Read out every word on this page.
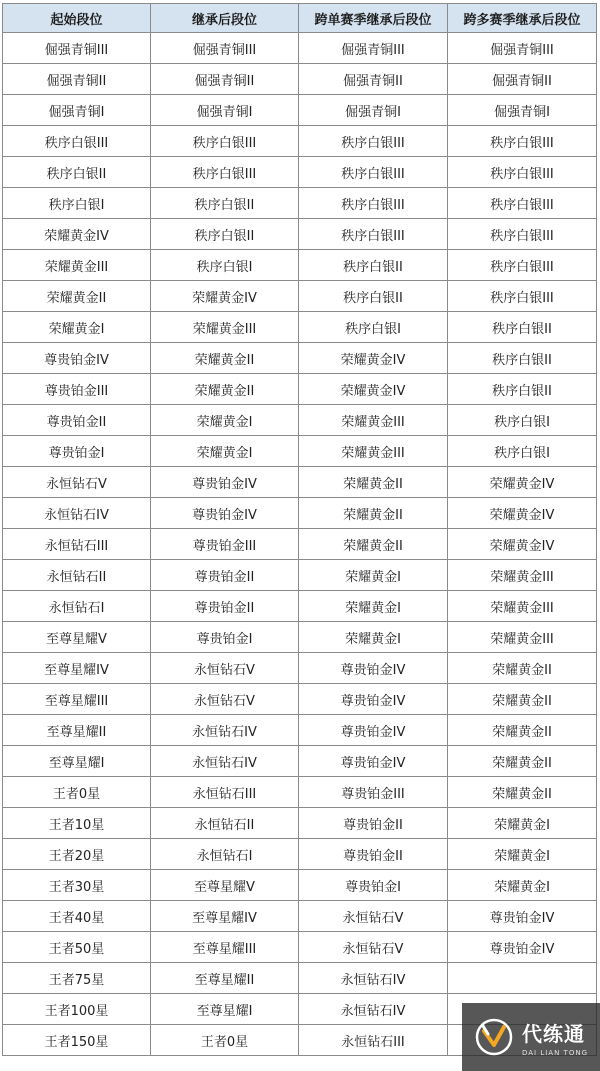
起始段位	继承后段位	跨单赛季继承后段位	跨多赛季继承后段位
倔强青铜III	倔强青铜III	倔强青铜III	倔强青铜III
倔强青铜II	倔强青铜II	倔强青铜II	倔强青铜II
倔强青铜I	倔强青铜I	倔强青铜I	倔强青铜I
秩序白银III	秩序白银III	秩序白银III	秩序白银III
秩序白银II	秩序白银III	秩序白银III	秩序白银III
秩序白银I	秩序白银II	秩序白银III	秩序白银III
荣耀黄金IV	秩序白银II	秩序白银III	秩序白银III
荣耀黄金III	秩序白银I	秩序白银II	秩序白银III
荣耀黄金II	荣耀黄金IV	秩序白银II	秩序白银III
荣耀黄金I	荣耀黄金III	秩序白银I	秩序白银II
尊贵铂金IV	荣耀黄金II	荣耀黄金IV	秩序白银II
尊贵铂金III	荣耀黄金II	荣耀黄金IV	秩序白银II
尊贵铂金II	荣耀黄金I	荣耀黄金III	秩序白银I
尊贵铂金I	荣耀黄金I	荣耀黄金III	秩序白银I
永恒钻石V	尊贵铂金IV	荣耀黄金II	荣耀黄金IV
永恒钻石IV	尊贵铂金IV	荣耀黄金II	荣耀黄金IV
永恒钻石III	尊贵铂金III	荣耀黄金II	荣耀黄金IV
永恒钻石II	尊贵铂金II	荣耀黄金I	荣耀黄金III
永恒钻石I	尊贵铂金II	荣耀黄金I	荣耀黄金III
至尊星耀V	尊贵铂金I	荣耀黄金I	荣耀黄金III
至尊星耀IV	永恒钻石V	尊贵铂金IV	荣耀黄金II
至尊星耀III	永恒钻石V	尊贵铂金IV	荣耀黄金II
至尊星耀II	永恒钻石IV	尊贵铂金IV	荣耀黄金II
至尊星耀I	永恒钻石IV	尊贵铂金IV	荣耀黄金II
王者0星	永恒钻石III	尊贵铂金III	荣耀黄金II
王者10星	永恒钻石II	尊贵铂金II	荣耀黄金I
王者20星	永恒钻石I	尊贵铂金II	荣耀黄金I
王者30星	至尊星耀V	尊贵铂金I	荣耀黄金I
王者40星	至尊星耀IV	永恒钻石V	尊贵铂金IV
王者50星	至尊星耀III	永恒钻石V	尊贵铂金IV
王者75星	至尊星耀II	永恒钻石IV	
王者100星	至尊星耀I	永恒钻石IV	
王者150星	王者0星	永恒钻石III		代练通
DAI LIAN TONG
